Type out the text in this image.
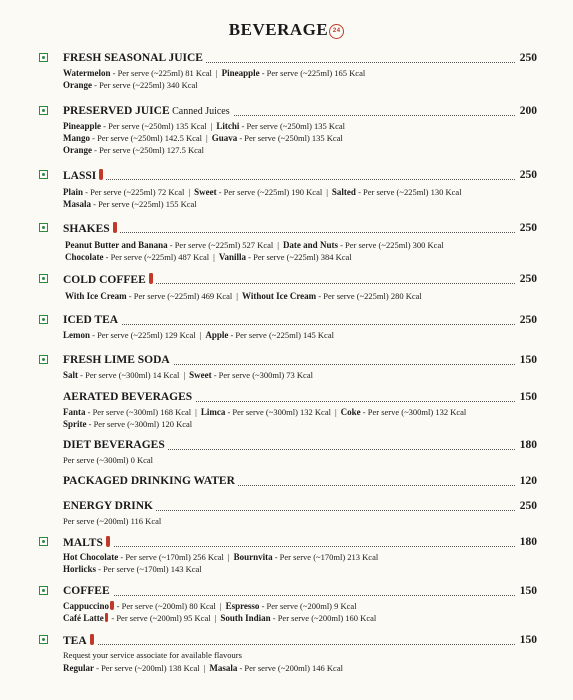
BEVERAGE 24
FRESH SEASONAL JUICE	250
Watermelon - Per serve (~225ml) 81 Kcal | Pineapple - Per serve (~225ml) 165 Kcal
Orange - Per serve (~225ml) 340 Kcal
PRESERVED JUICE Canned Juices	200
Pineapple - Per serve (~250ml) 135 Kcal | Litchi - Per serve (~250ml) 135 Kcal
Mango - Per serve (~250ml) 142.5 Kcal | Guava - Per serve (~250ml) 135 Kcal
Orange - Per serve (~250ml) 127.5 Kcal
LASSI	250
Plain - Per serve (~225ml) 72 Kcal | Sweet - Per serve (~225ml) 190 Kcal | Salted - Per serve (~225ml) 130 Kcal
Masala - Per serve (~225ml) 155 Kcal
SHAKES	250
Peanut Butter and Banana - Per serve (~225ml) 527 Kcal | Date and Nuts - Per serve (~225ml) 300 Kcal
Chocolate - Per serve (~225ml) 487 Kcal | Vanilla - Per serve (~225ml) 384 Kcal
COLD COFFEE	250
With Ice Cream - Per serve (~225ml) 469 Kcal | Without Ice Cream - Per serve (~225ml) 280 Kcal
ICED TEA	250
Lemon - Per serve (~225ml) 129 Kcal | Apple - Per serve (~225ml) 145 Kcal
FRESH LIME SODA	150
Salt - Per serve (~300ml) 14 Kcal | Sweet - Per serve (~300ml) 73 Kcal
AERATED BEVERAGES	150
Fanta - Per serve (~300ml) 168 Kcal | Limca - Per serve (~300ml) 132 Kcal | Coke - Per serve (~300ml) 132 Kcal
Sprite - Per serve (~300ml) 120 Kcal
DIET BEVERAGES	180
Per serve (~300ml) 0 Kcal
PACKAGED DRINKING WATER	120
ENERGY DRINK	250
Per serve (~200ml) 116 Kcal
MALTS	180
Hot Chocolate - Per serve (~170ml) 256 Kcal | Bournvita - Per serve (~170ml) 213 Kcal
Horlicks - Per serve (~170ml) 143 Kcal
COFFEE	150
Cappuccino - Per serve (~200ml) 80 Kcal | Espresso - Per serve (~200ml) 9 Kcal
Café Latte - Per serve (~200ml) 95 Kcal | South Indian - Per serve (~200ml) 160 Kcal
TEA	150
Request your service associate for available flavours
Regular - Per serve (~200ml) 138 Kcal | Masala - Per serve (~200ml) 146 Kcal
